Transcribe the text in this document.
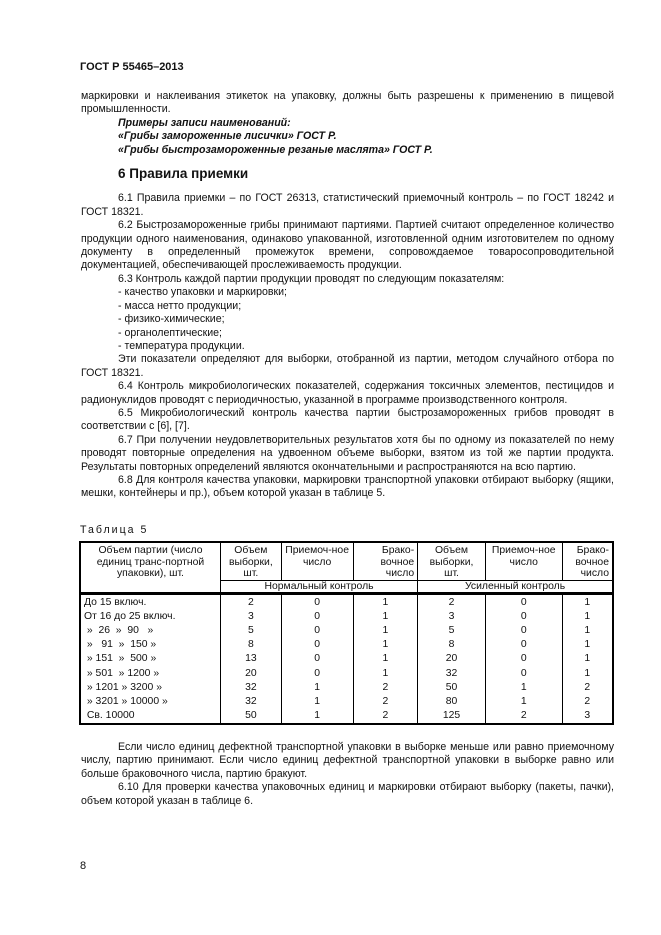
ГОСТ Р 55465–2013

маркировки и наклеивания этикеток на упаковку, должны быть разрешены к применению в пищевой промышленности.

Примеры записи наименований:

«Грибы замороженные лисички» ГОСТ Р.

«Грибы быстрозамороженные резаные маслята» ГОСТ Р.

6 Правила приемки

6.1 Правила приемки – по ГОСТ 26313, статистический приемочный контроль – по ГОСТ 18242 и ГОСТ 18321.

6.2 Быстрозамороженные грибы принимают партиями. Партией считают определенное количество продукции одного наименования, одинаково упакованной, изготовленной одним изготовителем по одному документу в определенный промежуток времени, сопровождаемое товаросопроводительной документацией, обеспечивающей прослеживаемость продукции.

6.3 Контроль каждой партии продукции проводят по следующим показателям:

- качество упаковки и маркировки;

- масса нетто продукции;

- физико-химические;

- органолептические;

- температура продукции.

Эти показатели определяют для выборки, отобранной из партии, методом случайного отбора по ГОСТ 18321.

6.4 Контроль микробиологических показателей, содержания токсичных элементов, пестицидов и радионуклидов проводят с периодичностью, указанной в программе производственного контроля.

6.5 Микробиологический контроль качества партии быстрозамороженных грибов проводят в соответствии с [6], [7].

6.7 При получении неудовлетворительных результатов хотя бы по одному из показателей по нему проводят повторные определения на удвоенном объеме выборки, взятом из той же партии продукта. Результаты повторных определений являются окончательными и распространяются на всю партию.

6.8 Для контроля качества упаковки, маркировки транспортной упаковки отбирают выборку (ящики, мешки, контейнеры и пр.), объем которой указан в таблице 5.

Таблица 5
Объем партии (число единиц транс-портной упаковки), шт.	Объем выборки, шт.	Приемоч-ное число	Брако-вочное число	Объем выборки, шт.	Приемоч-ное число	Брако-вочное число
	Нормальный контроль			Усиленный контроль		
До 15 включ.	2	0	1	2	0	1
От 16 до 25 включ.	3	0	1	3	0	1
»  26  »  90   »	5	0	1	5	0	1
»   91  »  150 »	8	0	1	8	0	1
» 151  »  500 »	13	0	1	20	0	1
» 501  » 1200 »	20	0	1	32	0	1
» 1201 » 3200 »	32	1	2	50	1	2
» 3201 » 10000 »	32	1	2	80	1	2
Св. 10000	50	1	2	125	2	3

Если число единиц дефектной транспортной упаковки в выборке меньше или равно приемочному числу, партию принимают. Если число единиц дефектной транспортной упаковки в выборке равно или больше браковочного числа, партию бракуют.

6.10 Для проверки качества упаковочных единиц и маркировки отбирают выборку (пакеты, пачки), объем которой указан в таблице 6.

8
